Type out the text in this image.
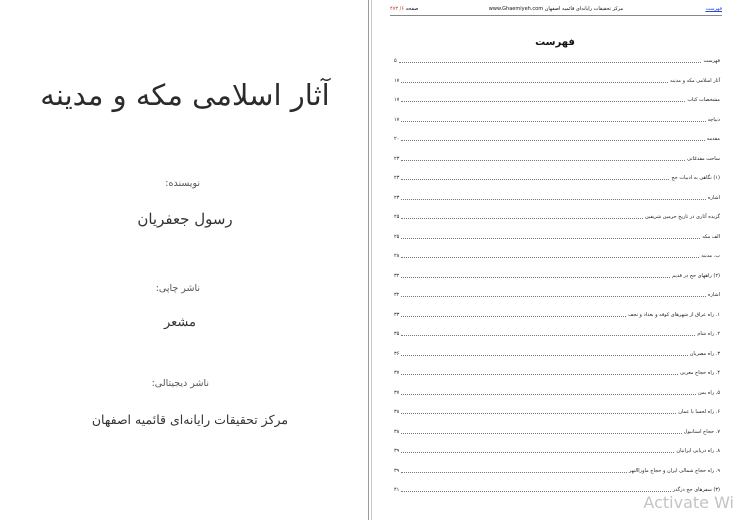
آثار اسلامی مکه و مدینه
نویسنده:
رسول جعفریان
ناشر چاپی:
مشعر
ناشر دیجیتالی:
مرکز تحقیقات رایانه‌ای قائمیه اصفهان
صفحه ۶/ ۴۷۳	مرکز تحقیقات رایانه‌ای قائمیه اصفهان www.Ghaemiyeh.com	فهرست
فهرست
فهرست
۵
آثار اسلامی مکه و مدینه
۱۷
مشخصات کتاب
۱۷
دیباچه
۱۷
مقدمه
۲۰
ساحت مقدمّاتی
۲۳
(۱) نگاهی به ادبیات حج
۲۳
اشاره
۲۳
گزیده آثاری در تاریخ حرمین شریفین
۲۵
الف مکه
۲۵
ب. مدینه
۲۸
(۲) راههای حج در قدیم
۳۲
اشاره
۳۲
۱. راه عراق از شهرهای کوفه و بغداد و نجف
۳۳
۲. راه شام
۳۵
۳. راه مصریان
۳۶
۴. راه حجاج مغربی
۳۷
۵. راه یمن
۳۷
۶. راه لحسا یا عمان
۳۸
۷. حجاج استانبول
۳۸
۸. راه دریایی ایرانیان
۳۹
۹. راه حجاج شمالی ایران و حجاج ماوراالنهر
۳۹
(۳) سفرهای حج درگذر
۴۱
Activate Wi
